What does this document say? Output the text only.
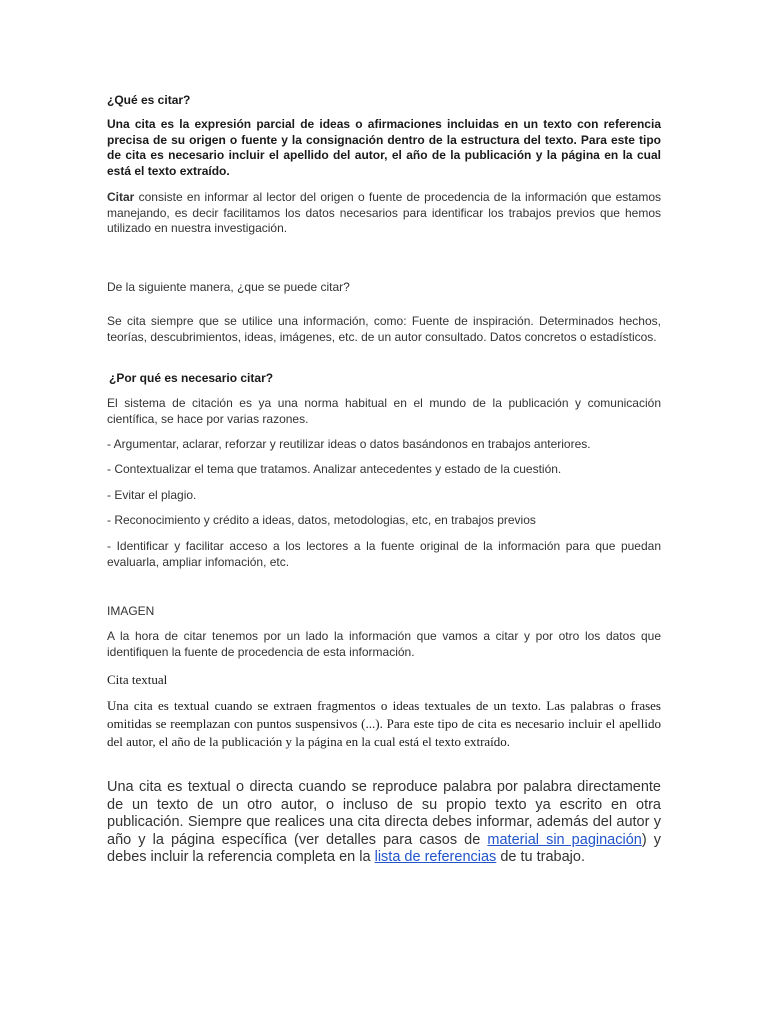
¿Qué es citar?

Una cita es la expresión parcial de ideas o afirmaciones incluidas en un texto con referencia precisa de su origen o fuente y la consignación dentro de la estructura del texto. Para este tipo de cita es necesario incluir el apellido del autor, el año de la publicación y la página en la cual está el texto extraído.

Citar consiste en informar al lector del origen o fuente de procedencia de la información que estamos manejando, es decir facilitamos los datos necesarios para identificar los trabajos previos que hemos utilizado en nuestra investigación.

De la siguiente manera, ¿que se puede citar?

Se cita siempre que se utilice una información, como: Fuente de inspiración. Determinados hechos, teorías, descubrimientos, ideas, imágenes, etc. de un autor consultado. Datos concretos o estadísticos.

¿Por qué es necesario citar?

El sistema de citación es ya una norma habitual en el mundo de la publicación y comunicación científica, se hace por varias razones.

- Argumentar, aclarar, reforzar y reutilizar ideas o datos basándonos en trabajos anteriores.

- Contextualizar el tema que tratamos. Analizar antecedentes y estado de la cuestión.

- Evitar el plagio.

- Reconocimiento y crédito a ideas, datos, metodologias, etc, en trabajos previos

- Identificar y facilitar acceso a los lectores a la fuente original de la información para que puedan evaluarla, ampliar infomación, etc.

IMAGEN

A la hora de citar tenemos por un lado la información que vamos a citar y por otro los datos que identifiquen la fuente de procedencia de esta información.

Cita textual

Una cita es textual cuando se extraen fragmentos o ideas textuales de un texto. Las palabras o frases omitidas se reemplazan con puntos suspensivos (...). Para este tipo de cita es necesario incluir el apellido del autor, el año de la publicación y la página en la cual está el texto extraído.

Una cita es textual o directa cuando se reproduce palabra por palabra directamente de un texto de un otro autor, o incluso de su propio texto ya escrito en otra publicación. Siempre que realices una cita directa debes informar, además del autor y año y la página específica (ver detalles para casos de material sin paginación) y debes incluir la referencia completa en la lista de referencias de tu trabajo.
